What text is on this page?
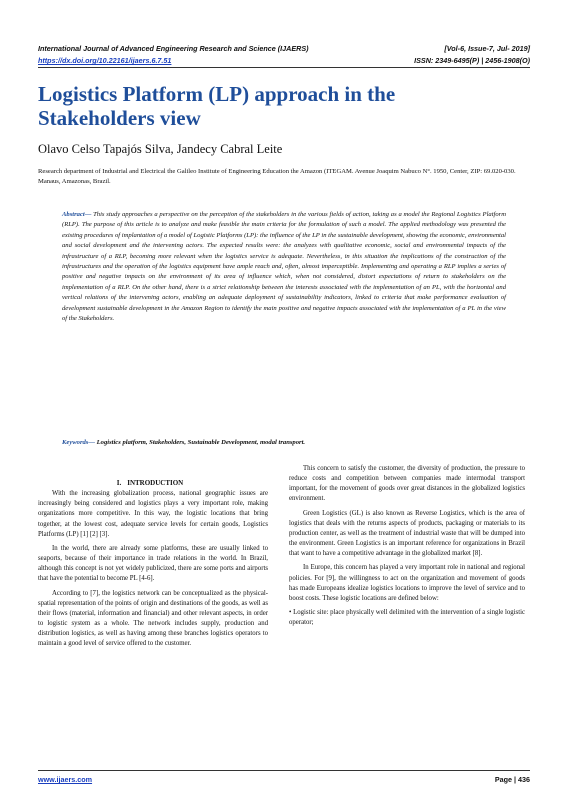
International Journal of Advanced Engineering Research and Science (IJAERS)	[Vol-6, Issue-7, Jul- 2019]
https://dx.doi.org/10.22161/ijaers.6.7.51	ISSN: 2349-6495(P) | 2456-1908(O)
Logistics Platform (LP) approach in the Stakeholders view
Olavo Celso Tapajós Silva, Jandecy Cabral Leite
Research department of Industrial and Electrical the Galileo Institute of Engineering Education the Amazon (ITEGAM. Avenue Joaquim Nabuco N°. 1950, Center, ZIP: 69.020-030. Manaus, Amazonas, Brazil.
Abstract— This study approaches a perspective on the perception of the stakeholders in the various fields of action, taking as a model the Regional Logistics Platform (RLP). The purpose of this article is to analyze and make feasible the main criteria for the formulation of such a model. The applied methodology was presented the existing procedures of implantation of a model of Logistic Platforms (LP): the influence of the LP in the sustainable development, showing the economic, environmental and social development and the intervening actors. The expected results were: the analyzes with qualitative economic, social and environmental impacts of the infrastructure of a RLP, becoming more relevant when the logistics service is adequate. Nevertheless, in this situation the implications of the construction of the infrastructures and the operation of the logistics equipment have ample reach and, often, almost imperceptible. Implementing and operating a RLP implies a series of positive and negative impacts on the environment of its area of influence which, when not considered, distort expectations of return to stakeholders on the implementation of a RLP. On the other hand, there is a strict relationship between the interests associated with the implementation of an PL, with the horizontal and vertical relations of the intervening actors, enabling an adequate deployment of sustainability indicators, linked to criteria that make performance evaluation of development sustainable development in the Amazon Region to identify the main positive and negative impacts associated with the implementation of a PL in the view of the Stakeholders.
Keywords— Logistics platform, Stakeholders, Sustainable Development, modal transport.
I. INTRODUCTION

With the increasing globalization process, national geographic issues are increasingly being considered and logistics plays a very important role, making organizations more competitive. In this way, the logistic locations that bring together, at the lowest cost, adequate service levels for certain goods, Logistics Platforms (LP) [1] [2] [3].

In the world, there are already some platforms, these are usually linked to seaports, because of their importance in trade relations in the world. In Brazil, although this concept is not yet widely publicized, there are some ports and airports that have the potential to become PL [4-6].

According to [7], the logistics network can be conceptualized as the physical-spatial representation of the points of origin and destinations of the goods, as well as their flows (material, information and financial) and other relevant aspects, in order to logistic system as a whole. The network includes supply, production and distribution logistics, as well as having among these branches logistics operators to maintain a good level of service offered to the customer.

This concern to satisfy the customer, the diversity of production, the pressure to reduce costs and competition between companies made intermodal transport important, for the movement of goods over great distances in the globalized logistics environment.

Green Logistics (GL) is also known as Reverse Logistics, which is the area of logistics that deals with the returns aspects of products, packaging or materials to its production center, as well as the treatment of industrial waste that will be dumped into the environment. Green Logistics is an important reference for organizations in Brazil that want to have a competitive advantage in the globalized market [8].

In Europe, this concern has played a very important role in national and regional policies. For [9], the willingness to act on the organization and movement of goods has made Europeans idealize logistics locations to improve the level of service and to boost costs. These logistic locations are defined below:

• Logistic site: place physically well delimited with the intervention of a single logistic operator;

www.ijaers.com	Page | 436
